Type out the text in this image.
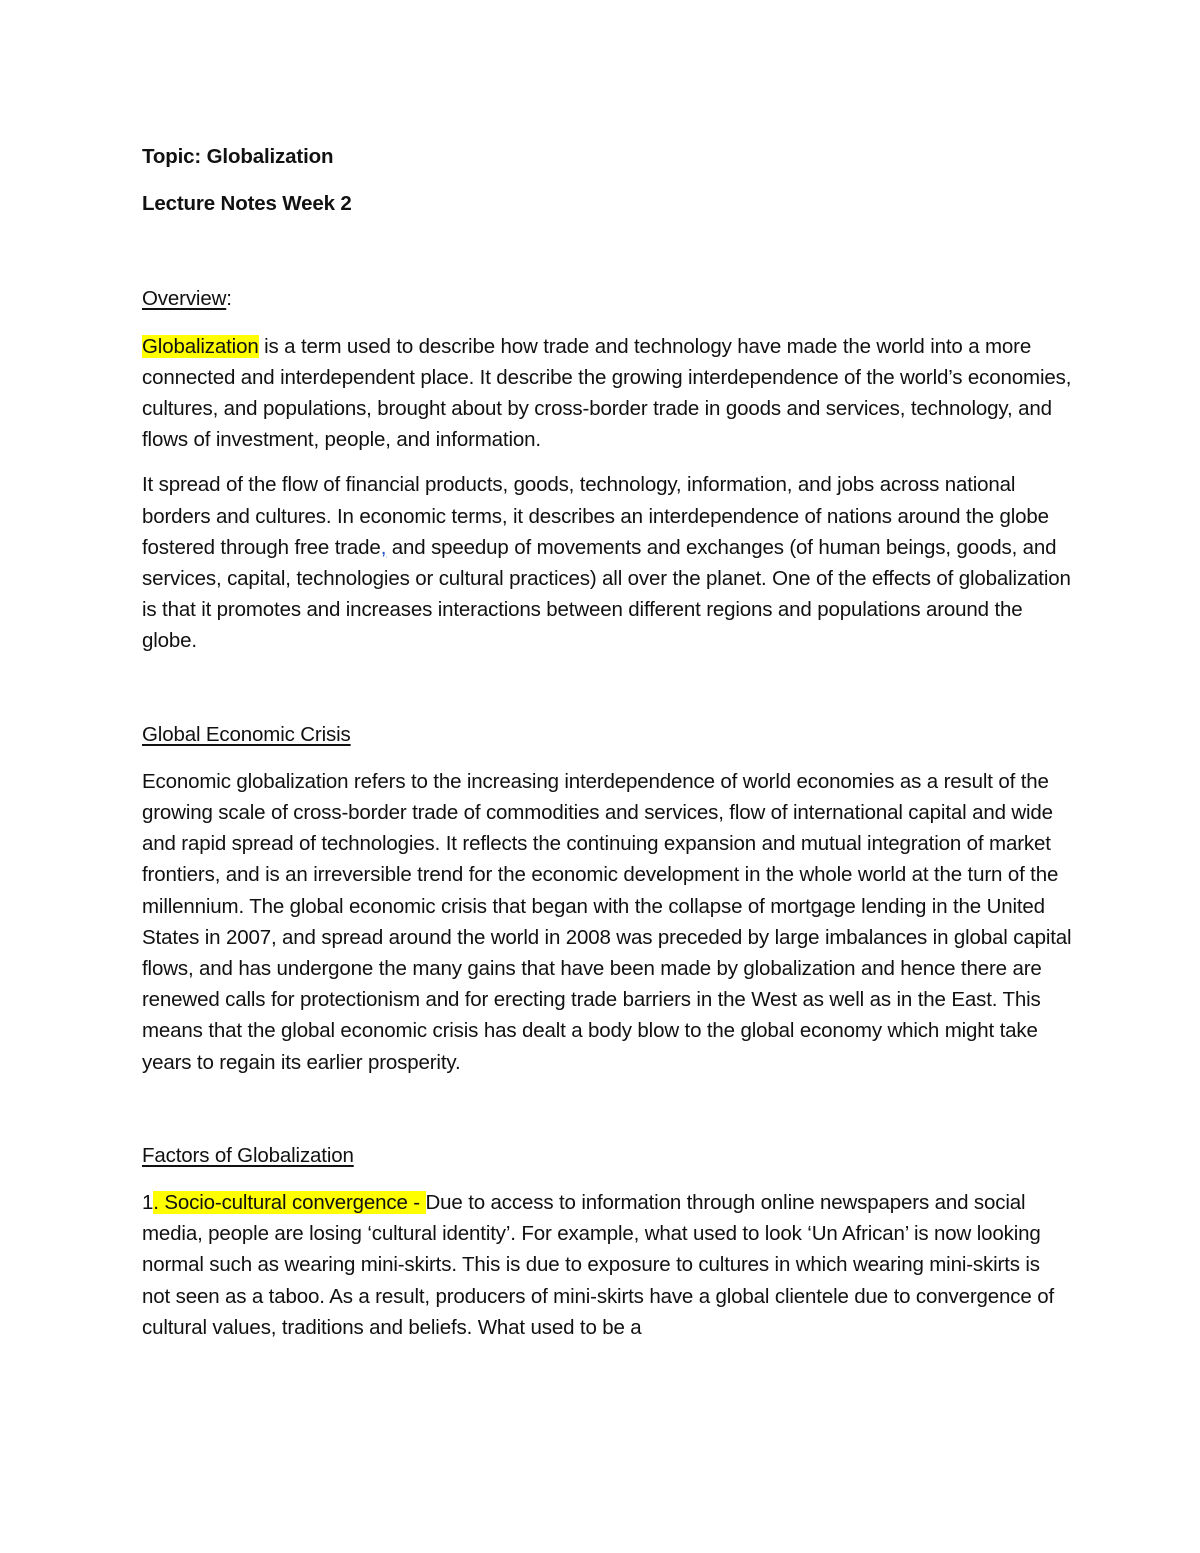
Topic: Globalization
Lecture Notes Week 2
Overview:

Globalization is a term used to describe how trade and technology have made the world into a more connected and interdependent place. It describe the growing interdependence of the world’s economies, cultures, and populations, brought about by cross-border trade in goods and services, technology, and flows of investment, people, and information.

It spread of the flow of financial products, goods, technology, information, and jobs across national borders and cultures. In economic terms, it describes an interdependence of nations around the globe fostered through free trade, and speedup of movements and exchanges (of human beings, goods, and services, capital, technologies or cultural practices) all over the planet. One of the effects of globalization is that it promotes and increases interactions between different regions and populations around the globe.

Global Economic Crisis

Economic globalization refers to the increasing interdependence of world economies as a result of the growing scale of cross-border trade of commodities and services, flow of international capital and wide and rapid spread of technologies. It reflects the continuing expansion and mutual integration of market frontiers, and is an irreversible trend for the economic development in the whole world at the turn of the millennium. The global economic crisis that began with the collapse of mortgage lending in the United States in 2007, and spread around the world in 2008 was preceded by large imbalances in global capital flows, and has undergone the many gains that have been made by globalization and hence there are renewed calls for protectionism and for erecting trade barriers in the West as well as in the East. This means that the global economic crisis has dealt a body blow to the global economy which might take years to regain its earlier prosperity.

Factors of Globalization

1. Socio-cultural convergence - Due to access to information through online newspapers and social media, people are losing ‘cultural identity’. For example, what used to look ‘Un African’ is now looking normal such as wearing mini-skirts. This is due to exposure to cultures in which wearing mini-skirts is not seen as a taboo. As a result, producers of mini-skirts have a global clientele due to convergence of cultural values, traditions and beliefs. What used to be a
